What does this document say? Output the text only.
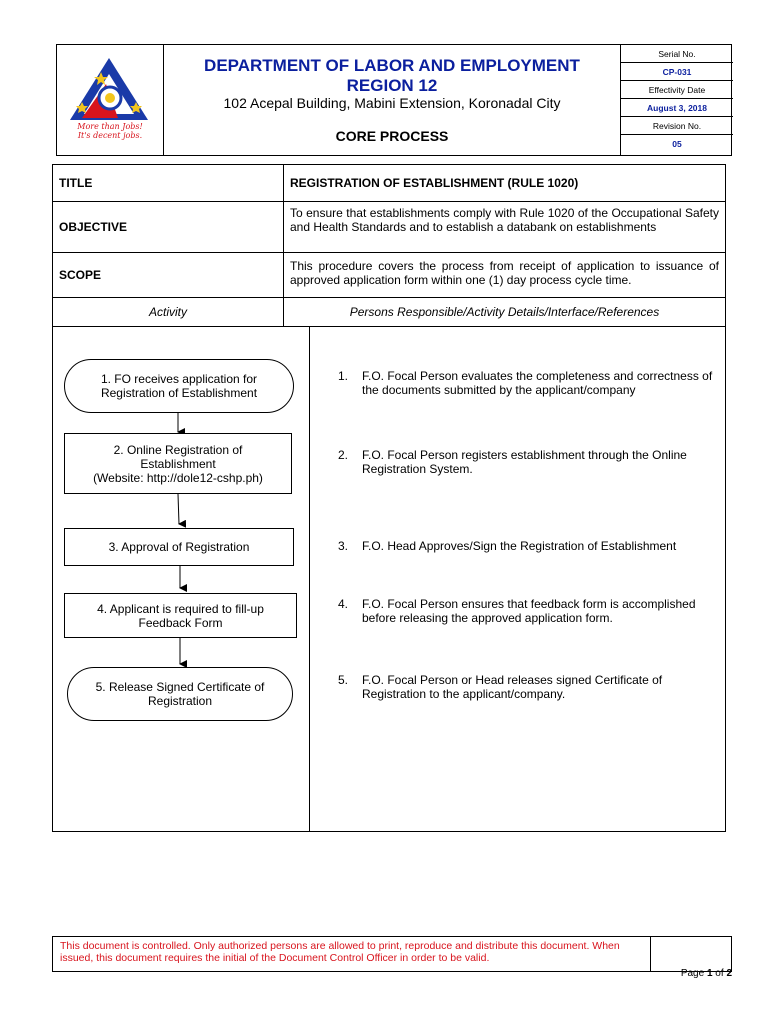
More than Jobs!
It's decent jobs.
DEPARTMENT OF LABOR AND EMPLOYMENT
REGION 12
102 Acepal Building, Mabini Extension, Koronadal City
CORE PROCESS
Serial No.
CP-031
Effectivity Date
August 3, 2018
Revision No.
05
TITLE	REGISTRATION OF ESTABLISHMENT (RULE 1020)
OBJECTIVE
To ensure that establishments comply with Rule 1020 of the Occupational Safety and Health Standards and to establish a databank on establishments
SCOPE
This procedure covers the process from receipt of application to issuance of approved application form within one (1) day process cycle time.
Activity	Persons Responsible/Activity Details/Interface/References
1. FO receives application for Registration of Establishment
2. Online Registration of
Establishment
(Website: http://dole12-cshp.ph)
3. Approval of Registration
4. Applicant is required to fill-up Feedback Form
5. Release Signed Certificate of Registration
1. F.O. Focal Person evaluates the completeness and correctness of the documents submitted by the applicant/company
2. F.O. Focal Person registers establishment through the Online Registration System.
3. F.O. Head Approves/Sign the Registration of Establishment
4. F.O. Focal Person ensures that feedback form is accomplished before releasing the approved application form.
5. F.O. Focal Person or Head releases signed Certificate of Registration to the applicant/company.
This document is controlled. Only authorized persons are allowed to print, reproduce and distribute this document. When issued, this document requires the initial of the Document Control Officer in order to be valid.
Page 1 of 2
